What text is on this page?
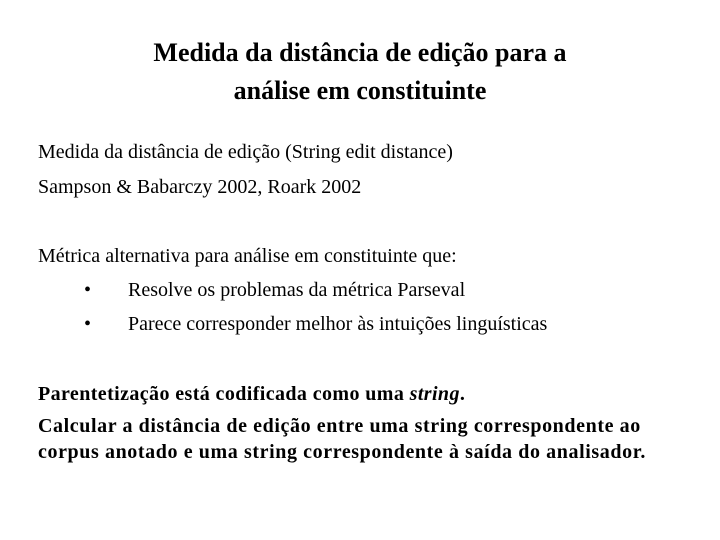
Medida da distância de edição para a
análise em constituinte
Medida da distância de edição (String edit distance)
Sampson & Babarczy 2002, Roark 2002
Métrica alternativa para análise em constituinte que:
• Resolve os problemas da métrica Parseval
• Parece corresponder melhor às intuições linguísticas
Parentetização está codificada como uma string.
Calcular a distância de edição entre uma string correspondente ao corpus anotado e uma string correspondente à saída do analisador.
